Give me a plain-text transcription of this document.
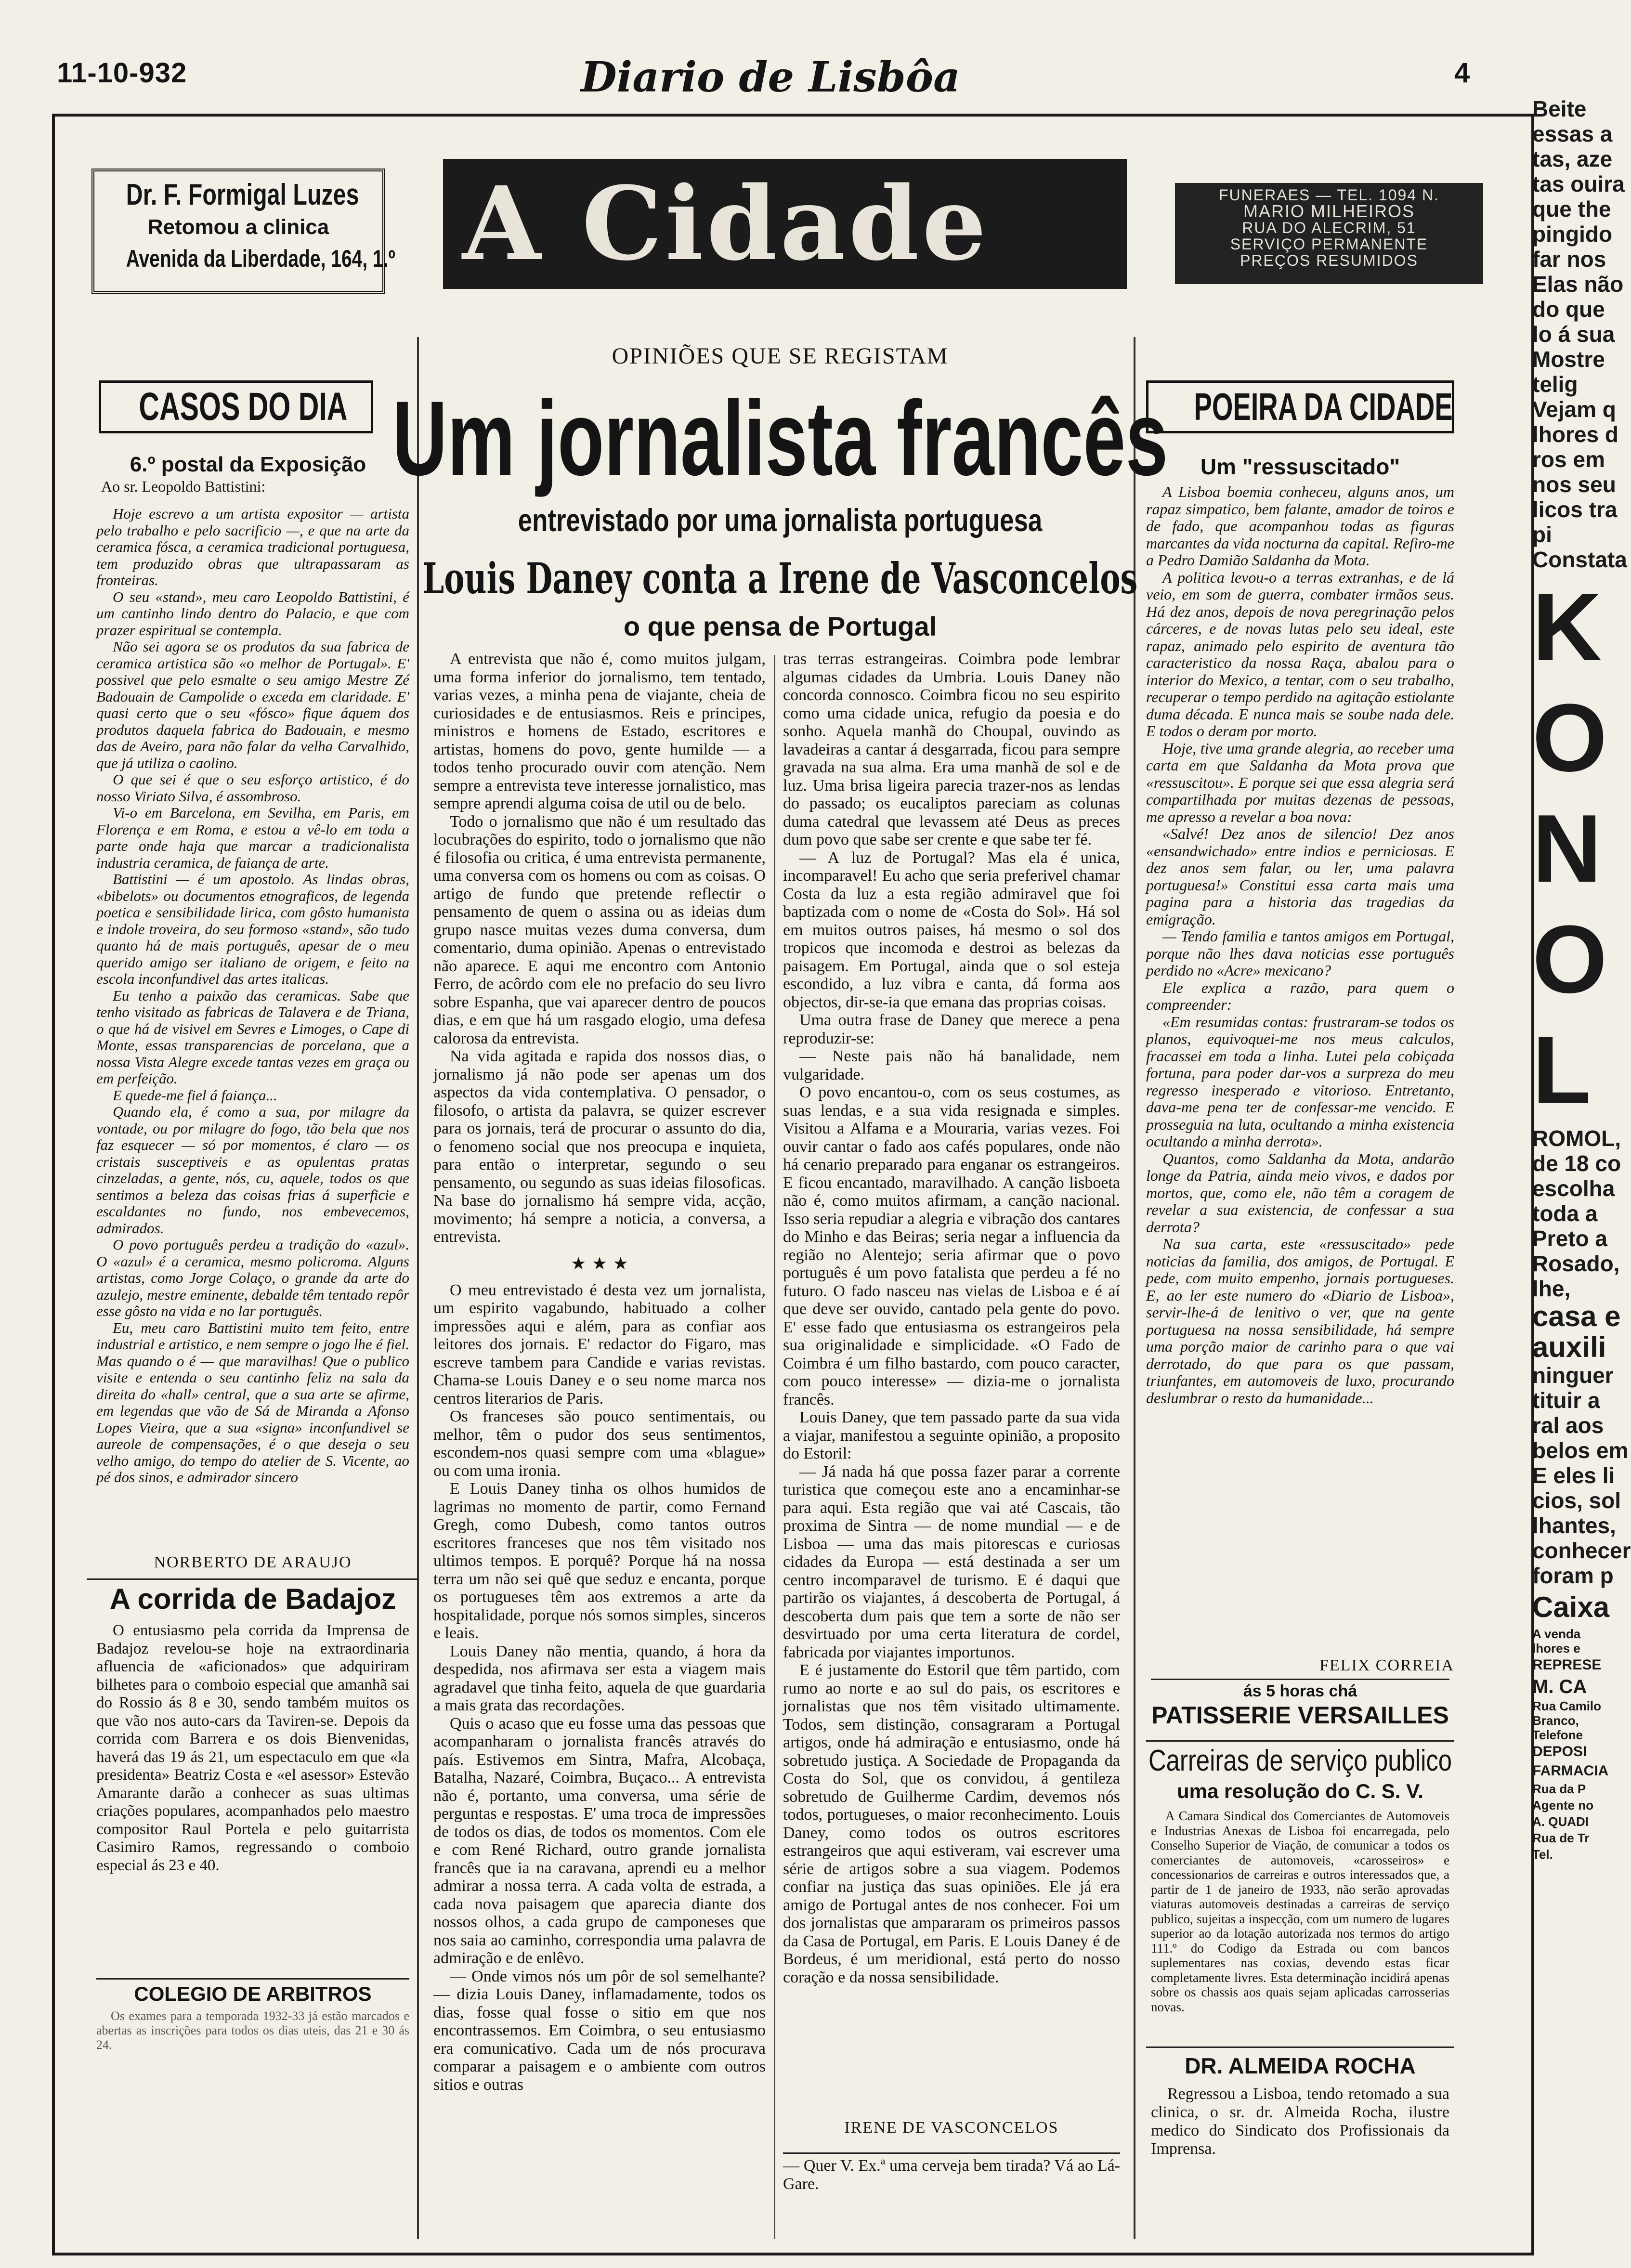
11-10-932	Diario de Lisbôa	4
Dr. F. Formigal Luzes
Retomou a clinica
Avenida da Liberdade, 164, 1.º A Cidade	FUNERAES — TEL. 1094 N.
MARIO MILHEIROS
RUA DO ALECRIM, 51
SERVIÇO PERMANENTE
PREÇOS RESUMIDOS
CASOS DO DIA
6.º postal da Exposição
Ao sr. Leopoldo Battistini:

Hoje escrevo a um artista expositor — artista pelo trabalho e pelo sacrificio —, e que na arte da ceramica fósca, a ceramica tradicional portuguesa, tem produzido obras que ultrapassaram as fronteiras.

O seu «stand», meu caro Leopoldo Battistini, é um cantinho lindo dentro do Palacio, e que com prazer espiritual se contempla.

Não sei agora se os produtos da sua fabrica de ceramica artistica são «o melhor de Portugal». E' possivel que pelo esmalte o seu amigo Mestre Zé Badouain de Campolide o exceda em claridade. E' quasi certo que o seu «fósco» fique áquem dos produtos daquela fabrica do Badouain, e mesmo das de Aveiro, para não falar da velha Carvalhido, que já utiliza o caolino.

O que sei é que o seu esforço artistico, é do nosso Viriato Silva, é assombroso.

Vi-o em Barcelona, em Sevilha, em Paris, em Florença e em Roma, e estou a vê-lo em toda a parte onde haja que marcar a tradicionalista industria ceramica, de faiança de arte.

Battistini — é um apostolo. As lindas obras, «bibelots» ou documentos etnograficos, de legenda poetica e sensibilidade lirica, com gôsto humanista e indole troveira, do seu formoso «stand», são tudo quanto há de mais português, apesar de o meu querido amigo ser italiano de origem, e feito na escola inconfundivel das artes italicas.

Eu tenho a paixão das ceramicas. Sabe que tenho visitado as fabricas de Talavera e de Triana, o que há de visivel em Sevres e Limoges, o Cape di Monte, essas transparencias de porcelana, que a nossa Vista Alegre excede tantas vezes em graça ou em perfeição.

E quede-me fiel á faiança...

Quando ela, é como a sua, por milagre da vontade, ou por milagre do fogo, tão bela que nos faz esquecer — só por momentos, é claro — os cristais susceptiveis e as opulentas pratas cinzeladas, a gente, nós, cu, aquele, todos os que sentimos a beleza das coisas frias á superficie e escaldantes no fundo, nos embevecemos, admirados.

O povo português perdeu a tradição do «azul». O «azul» é a ceramica, mesmo policroma. Alguns artistas, como Jorge Colaço, o grande da arte do azulejo, mestre eminente, debalde têm tentado repôr esse gôsto na vida e no lar português.

Eu, meu caro Battistini muito tem feito, entre industrial e artistico, e nem sempre o jogo lhe é fiel. Mas quando o é — que maravilhas! Que o publico visite e entenda o seu cantinho feliz na sala da direita do «hall» central, que a sua arte se afirme, em legendas que vão de Sá de Miranda a Afonso Lopes Vieira, que a sua «signa» inconfundivel se aureole de compensações, é o que deseja o seu velho amigo, do tempo do atelier de S. Vicente, ao pé dos sinos, e admirador sincero

NORBERTO DE ARAUJO
A corrida de Badajoz

O entusiasmo pela corrida da Imprensa de Badajoz revelou-se hoje na extraordinaria afluencia de «aficionados» que adquiriram bilhetes para o comboio especial que amanhã sai do Rossio ás 8 e 30, sendo também muitos os que vão nos auto-cars da Taviren-se. Depois da corrida com Barrera e os dois Bienvenidas, haverá das 19 ás 21, um espectaculo em que «la presidenta» Beatriz Costa e «el asessor» Estevão Amarante darão a conhecer as suas ultimas criações populares, acompanhados pelo maestro compositor Raul Portela e pelo guitarrista Casimiro Ramos, regressando o comboio especial ás 23 e 40.

COLEGIO DE ARBITROS

Os exames para a temporada 1932-33 já estão marcados e abertas as inscrições para todos os dias uteis, das 21 e 30 ás 24.

OPINIÕES QUE SE REGISTAM
Um jornalista francês
entrevistado por uma jornalista portuguesa
Louis Daney conta a Irene de Vasconcelos
o que pensa de Portugal

A entrevista que não é, como muitos julgam, uma forma inferior do jornalismo, tem tentado, varias vezes, a minha pena de viajante, cheia de curiosidades e de entusiasmos. Reis e principes, ministros e homens de Estado, escritores e artistas, homens do povo, gente humilde — a todos tenho procurado ouvir com atenção. Nem sempre a entrevista teve interesse jornalistico, mas sempre aprendi alguma coisa de util ou de belo.

Todo o jornalismo que não é um resultado das locubrações do espirito, todo o jornalismo que não é filosofia ou critica, é uma entrevista permanente, uma conversa com os homens ou com as coisas. O artigo de fundo que pretende reflectir o pensamento de quem o assina ou as ideias dum grupo nasce muitas vezes duma conversa, dum comentario, duma opinião. Apenas o entrevistado não aparece. E aqui me encontro com Antonio Ferro, de acôrdo com ele no prefacio do seu livro sobre Espanha, que vai aparecer dentro de poucos dias, e em que há um rasgado elogio, uma defesa calorosa da entrevista.

Na vida agitada e rapida dos nossos dias, o jornalismo já não pode ser apenas um dos aspectos da vida contemplativa. O pensador, o filosofo, o artista da palavra, se quizer escrever para os jornais, terá de procurar o assunto do dia, o fenomeno social que nos preocupa e inquieta, para então o interpretar, segundo o seu pensamento, ou segundo as suas ideias filosoficas. Na base do jornalismo há sempre vida, acção, movimento; há sempre a noticia, a conversa, a entrevista.

★ ★ ★

O meu entrevistado é desta vez um jornalista, um espirito vagabundo, habituado a colher impressões aqui e além, para as confiar aos leitores dos jornais. E' redactor do Figaro, mas escreve tambem para Candide e varias revistas. Chama-se Louis Daney e o seu nome marca nos centros literarios de Paris.

Os franceses são pouco sentimentais, ou melhor, têm o pudor dos seus sentimentos, escondem-nos quasi sempre com uma «blague» ou com uma ironia.

E Louis Daney tinha os olhos humidos de lagrimas no momento de partir, como Fernand Gregh, como Dubesh, como tantos outros escritores franceses que nos têm visitado nos ultimos tempos. E porquê? Porque há na nossa terra um não sei quê que seduz e encanta, porque os portugueses têm aos extremos a arte da hospitalidade, porque nós somos simples, sinceros e leais.

Louis Daney não mentia, quando, á hora da despedida, nos afirmava ser esta a viagem mais agradavel que tinha feito, aquela de que guardaria a mais grata das recordações.

Quis o acaso que eu fosse uma das pessoas que acompanharam o jornalista francês através do país. Estivemos em Sintra, Mafra, Alcobaça, Batalha, Nazaré, Coimbra, Buçaco... A entrevista não é, portanto, uma conversa, uma série de perguntas e respostas. E' uma troca de impressões de todos os dias, de todos os momentos. Com ele e com René Richard, outro grande jornalista francês que ia na caravana, aprendi eu a melhor admirar a nossa terra. A cada volta de estrada, a cada nova paisagem que aparecia diante dos nossos olhos, a cada grupo de camponeses que nos saia ao caminho, correspondia uma palavra de admiração e de enlêvo.

— Onde vimos nós um pôr de sol semelhante? — dizia Louis Daney, inflamadamente, todos os dias, fosse qual fosse o sitio em que nos encontrassemos. Em Coimbra, o seu entusiasmo era comunicativo. Cada um de nós procurava comparar a paisagem e o ambiente com outros sitios e outras

tras terras estrangeiras. Coimbra pode lembrar algumas cidades da Umbria. Louis Daney não concorda connosco. Coimbra ficou no seu espirito como uma cidade unica, refugio da poesia e do sonho. Aquela manhã do Choupal, ouvindo as lavadeiras a cantar á desgarrada, ficou para sempre gravada na sua alma. Era uma manhã de sol e de luz. Uma brisa ligeira parecia trazer-nos as lendas do passado; os eucaliptos pareciam as colunas duma catedral que levassem até Deus as preces dum povo que sabe ser crente e que sabe ter fé.

— A luz de Portugal? Mas ela é unica, incomparavel! Eu acho que seria preferivel chamar Costa da luz a esta região admiravel que foi baptizada com o nome de «Costa do Sol». Há sol em muitos outros paises, há mesmo o sol dos tropicos que incomoda e destroi as belezas da paisagem. Em Portugal, ainda que o sol esteja escondido, a luz vibra e canta, dá forma aos objectos, dir-se-ia que emana das proprias coisas.

Uma outra frase de Daney que merece a pena reproduzir-se:

— Neste pais não há banalidade, nem vulgaridade.

O povo encantou-o, com os seus costumes, as suas lendas, e a sua vida resignada e simples. Visitou a Alfama e a Mouraria, varias vezes. Foi ouvir cantar o fado aos cafés populares, onde não há cenario preparado para enganar os estrangeiros. E ficou encantado, maravilhado. A canção lisboeta não é, como muitos afirmam, a canção nacional. Isso seria repudiar a alegria e vibração dos cantares do Minho e das Beiras; seria negar a influencia da região no Alentejo; seria afirmar que o povo português é um povo fatalista que perdeu a fé no futuro. O fado nasceu nas vielas de Lisboa e é aí que deve ser ouvido, cantado pela gente do povo. E' esse fado que entusiasma os estrangeiros pela sua originalidade e simplicidade. «O Fado de Coimbra é um filho bastardo, com pouco caracter, com pouco interesse» — dizia-me o jornalista francês.

Louis Daney, que tem passado parte da sua vida a viajar, manifestou a seguinte opinião, a proposito do Estoril:

— Já nada há que possa fazer parar a corrente turistica que começou este ano a encaminhar-se para aqui. Esta região que vai até Cascais, tão proxima de Sintra — de nome mundial — e de Lisboa — uma das mais pitorescas e curiosas cidades da Europa — está destinada a ser um centro incomparavel de turismo. E é daqui que partirão os viajantes, á descoberta de Portugal, á descoberta dum pais que tem a sorte de não ser desvirtuado por uma certa literatura de cordel, fabricada por viajantes importunos.

E é justamente do Estoril que têm partido, com rumo ao norte e ao sul do pais, os escritores e jornalistas que nos têm visitado ultimamente. Todos, sem distinção, consagraram a Portugal artigos, onde há admiração e entusiasmo, onde há sobretudo justiça. A Sociedade de Propaganda da Costa do Sol, que os convidou, á gentileza sobretudo de Guilherme Cardim, devemos nós todos, portugueses, o maior reconhecimento. Louis Daney, como todos os outros escritores estrangeiros que aqui estiveram, vai escrever uma série de artigos sobre a sua viagem. Podemos confiar na justiça das suas opiniões. Ele já era amigo de Portugal antes de nos conhecer. Foi um dos jornalistas que ampararam os primeiros passos da Casa de Portugal, em Paris. E Louis Daney é de Bordeus, é um meridional, está perto do nosso coração e da nossa sensibilidade.

IRENE DE VASCONCELOS
— Quer V. Ex.ª uma cerveja bem tirada? Vá ao Lá-Gare.
POEIRA DA CIDADE
Um "ressuscitado"

A Lisboa boemia conheceu, alguns anos, um rapaz simpatico, bem falante, amador de toiros e de fado, que acompanhou todas as figuras marcantes da vida nocturna da capital. Refiro-me a Pedro Damião Saldanha da Mota.

A politica levou-o a terras extranhas, e de lá veio, em som de guerra, combater irmãos seus. Há dez anos, depois de nova peregrinação pelos cárceres, e de novas lutas pelo seu ideal, este rapaz, animado pelo espirito de aventura tão caracteristico da nossa Raça, abalou para o interior do Mexico, a tentar, com o seu trabalho, recuperar o tempo perdido na agitação estiolante duma década. E nunca mais se soube nada dele. E todos o deram por morto.

Hoje, tive uma grande alegria, ao receber uma carta em que Saldanha da Mota prova que «ressuscitou». E porque sei que essa alegria será compartilhada por muitas dezenas de pessoas, me apresso a revelar a boa nova:

«Salvé! Dez anos de silencio! Dez anos «ensandwichado» entre indios e perniciosas. E dez anos sem falar, ou ler, uma palavra portuguesa!» Constitui essa carta mais uma pagina para a historia das tragedias da emigração.

— Tendo familia e tantos amigos em Portugal, porque não lhes dava noticias esse português perdido no «Acre» mexicano?

Ele explica a razão, para quem o compreender:

«Em resumidas contas: frustraram-se todos os planos, equivoquei-me nos meus calculos, fracassei em toda a linha. Lutei pela cobiçada fortuna, para poder dar-vos a surpreza do meu regresso inesperado e vitorioso. Entretanto, dava-me pena ter de confessar-me vencido. E prosseguia na luta, ocultando a minha existencia ocultando a minha derrota».

Quantos, como Saldanha da Mota, andarão longe da Patria, ainda meio vivos, e dados por mortos, que, como ele, não têm a coragem de revelar a sua existencia, de confessar a sua derrota?

Na sua carta, este «ressuscitado» pede noticias da familia, dos amigos, de Portugal. E pede, com muito empenho, jornais portugueses. E, ao ler este numero do «Diario de Lisboa», servir-lhe-á de lenitivo o ver, que na gente portuguesa na nossa sensibilidade, há sempre uma porção maior de carinho para o que vai derrotado, do que para os que passam, triunfantes, em automoveis de luxo, procurando deslumbrar o resto da humanidade...

FELIX CORREIA
ás 5 horas chá
PATISSERIE VERSAILLES
Carreiras de serviço publico
uma resolução do C. S. V.

A Camara Sindical dos Comerciantes de Automoveis e Industrias Anexas de Lisboa foi encarregada, pelo Conselho Superior de Viação, de comunicar a todos os comerciantes de automoveis, «carosseiros» e concessionarios de carreiras e outros interessados que, a partir de 1 de janeiro de 1933, não serão aprovadas viaturas automoveis destinadas a carreiras de serviço publico, sujeitas a inspecção, com um numero de lugares superior ao da lotação autorizada nos termos do artigo 111.º do Codigo da Estrada ou com bancos suplementares nas coxias, devendo estas ficar completamente livres. Esta determinação incidirá apenas sobre os chassis aos quais sejam aplicadas carrosserias novas.

DR. ALMEIDA ROCHA

Regressou a Lisboa, tendo retomado a sua clinica, o sr. dr. Almeida Rocha, ilustre medico do Sindicato dos Profissionais da Imprensa.

Beite
essas a
tas, aze
tas ouira
que the
pingido
far nos
Elas não
do que
lo á sua
Mostre
telig
Vejam q
lhores d
ros em
nos seu
licos tra
pi
Constata
K
O
N
O
L
ROMOL,
de 18 co
escolha
toda a
Preto a
Rosado,
lhe,
casa e
auxili
ninguer
tituir a
ral aos
belos em
E eles li
cios, sol
lhantes,
conhecer
foram p
Caixa
A venda
lhores e
REPRESE
M. CA
Rua Camilo
Branco,
Telefone
DEPOSI
FARMACIA
Rua da P
Agente no
A. QUADI
Rua de Tr
Tel.
